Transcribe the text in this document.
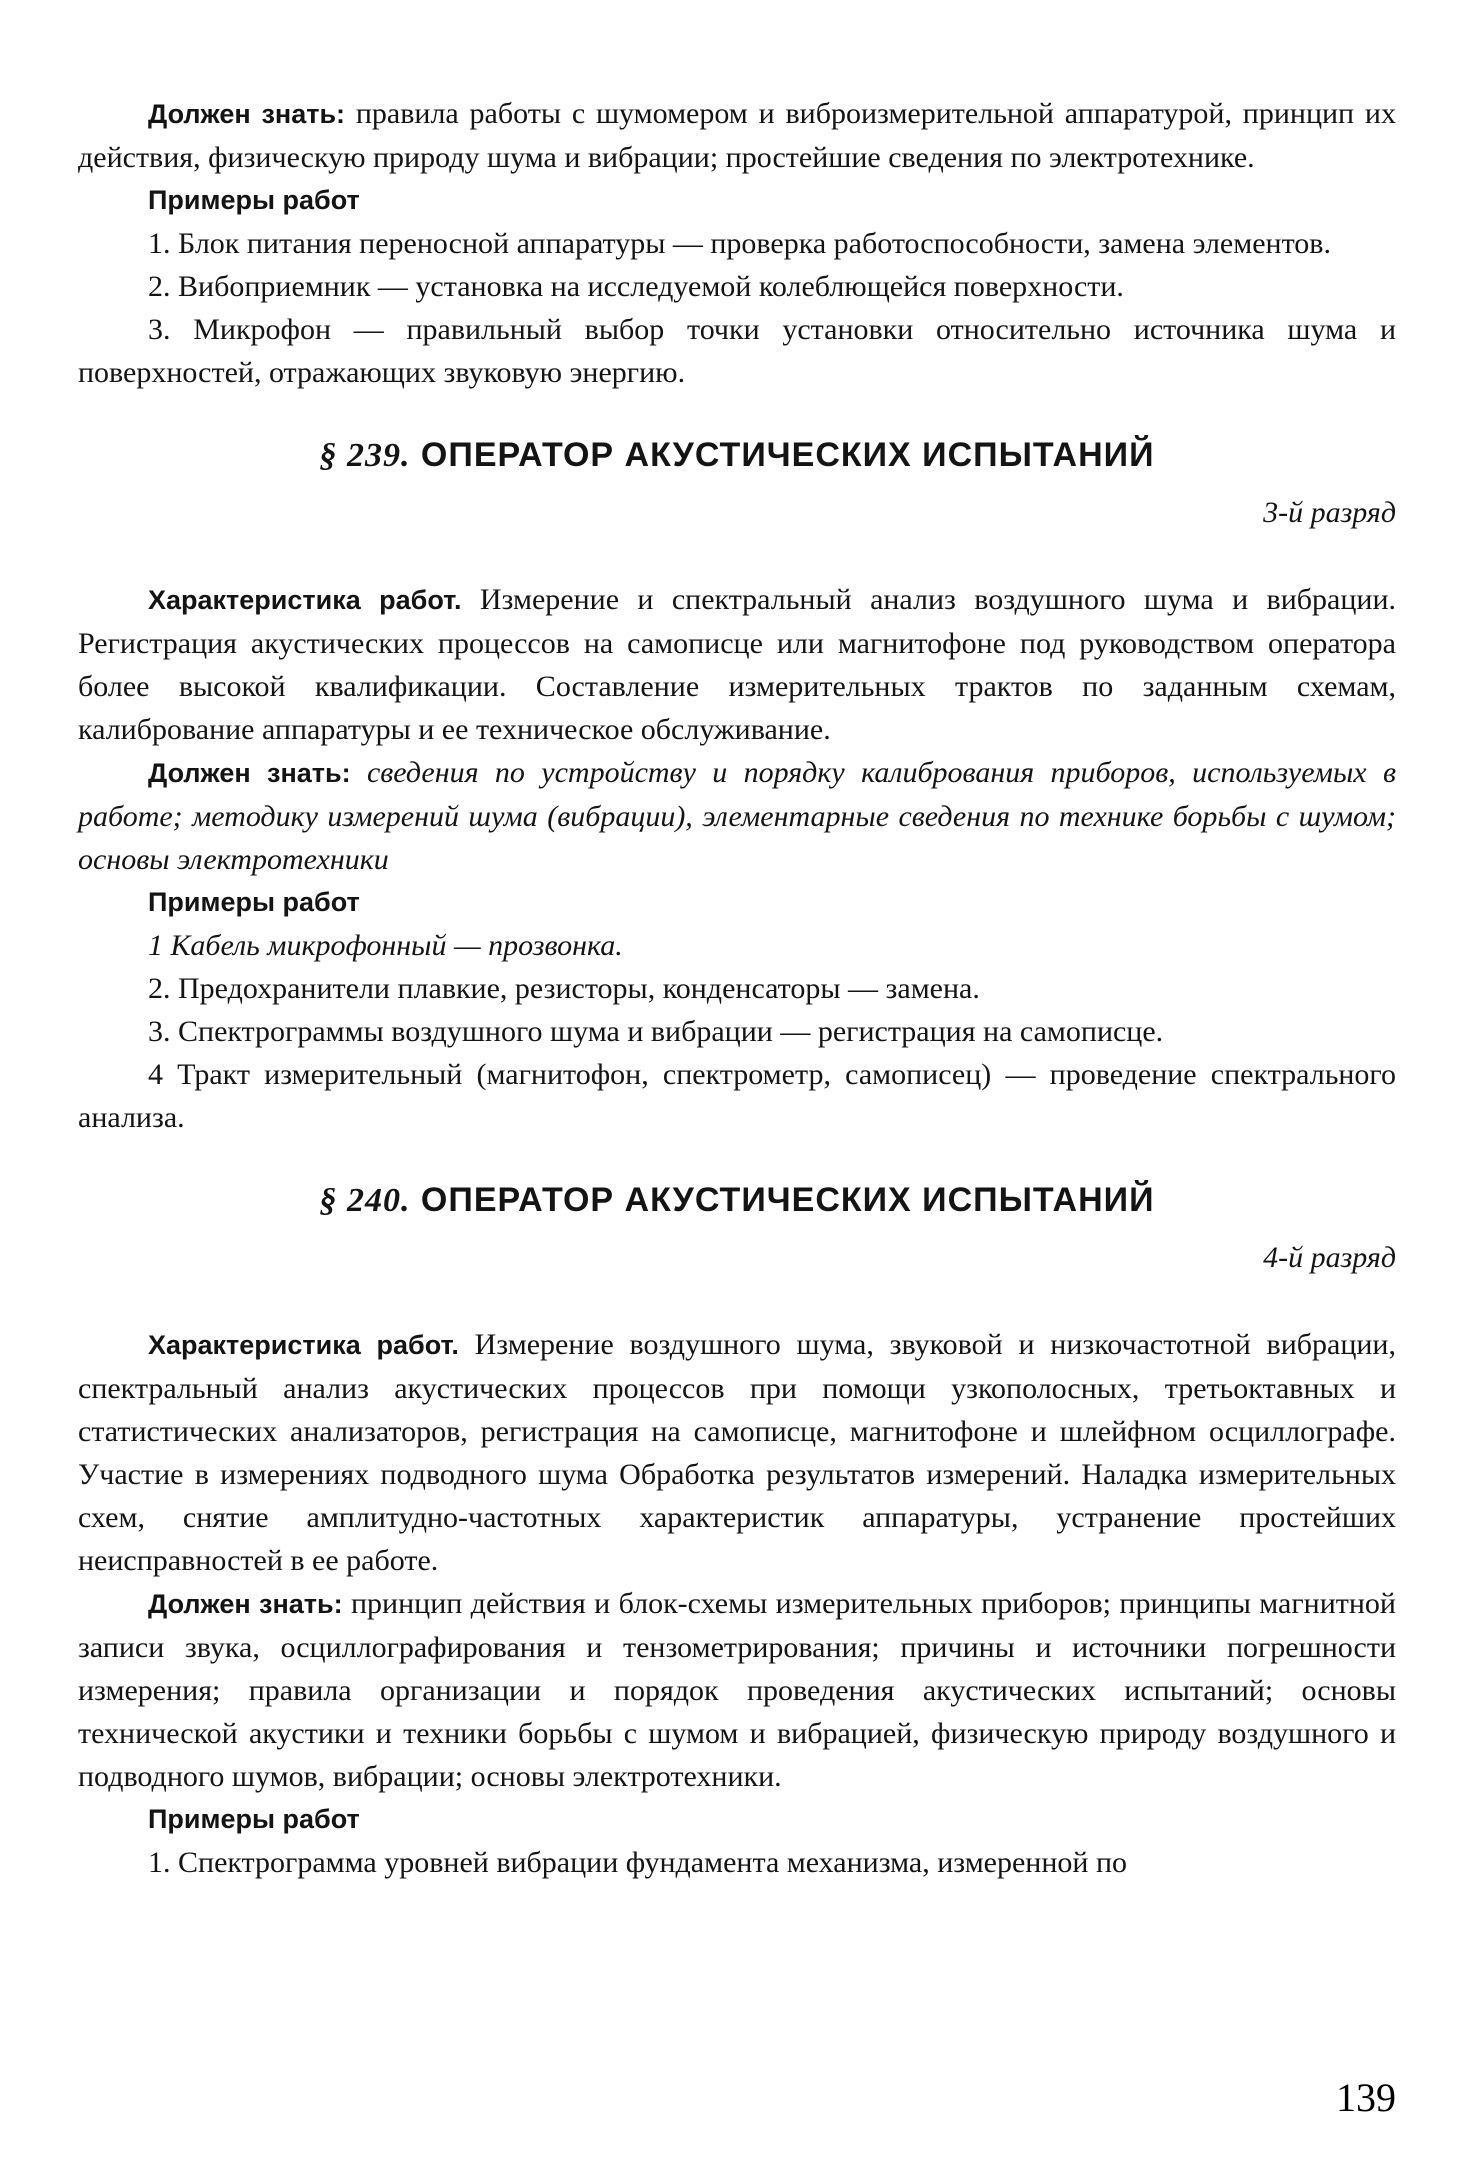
Должен знать: правила работы с шумомером и виброизмерительной аппаратурой, принцип их действия, физическую природу шума и вибрации; простейшие сведения по электротехнике.

Примеры работ

1. Блок питания переносной аппаратуры — проверка работоспособности, замена элементов.

2. Вибоприемник — установка на исследуемой колеблющейся поверхности.

3. Микрофон — правильный выбор точки установки относительно источника шума и поверхностей, отражающих звуковую энергию.

§ 239. ОПЕРАТОР АКУСТИЧЕСКИХ ИСПЫТАНИЙ

3-й разряд

Характеристика работ. Измерение и спектральный анализ воздушного шума и вибрации. Регистрация акустических процессов на самописце или магнитофоне под руководством оператора более высокой квалификации. Составление измерительных трактов по заданным схемам, калибрование аппаратуры и ее техническое обслуживание.

Должен знать: сведения по устройству и порядку калибрования приборов, используемых в работе; методику измерений шума (вибрации), элементарные сведения по технике борьбы с шумом; основы электротехники

Примеры работ

1 Кабель микрофонный — прозвонка.

2. Предохранители плавкие, резисторы, конденсаторы — замена.

3. Спектрограммы воздушного шума и вибрации — регистрация на самописце.

4 Тракт измерительный (магнитофон, спектрометр, самописец) — проведение спектрального анализа.

§ 240. ОПЕРАТОР АКУСТИЧЕСКИХ ИСПЫТАНИЙ

4-й разряд

Характеристика работ. Измерение воздушного шума, звуковой и низкочастотной вибрации, спектральный анализ акустических процессов при помощи узкополосных, третьоктавных и статистических анализаторов, регистрация на самописце, магнитофоне и шлейфном осциллографе. Участие в измерениях подводного шума Обработка результатов измерений. Наладка измерительных схем, снятие амплитудно-частотных характеристик аппаратуры, устранение простейших неисправностей в ее работе.

Должен знать: принцип действия и блок-схемы измерительных приборов; принципы магнитной записи звука, осциллографирования и тензометрирования; причины и источники погрешности измерения; правила организации и порядок проведения акустических испытаний; основы технической акустики и техники борьбы с шумом и вибрацией, физическую природу воздушного и подводного шумов, вибрации; основы электротехники.

Примеры работ

1. Спектрограмма уровней вибрации фундамента механизма, измеренной по

139
